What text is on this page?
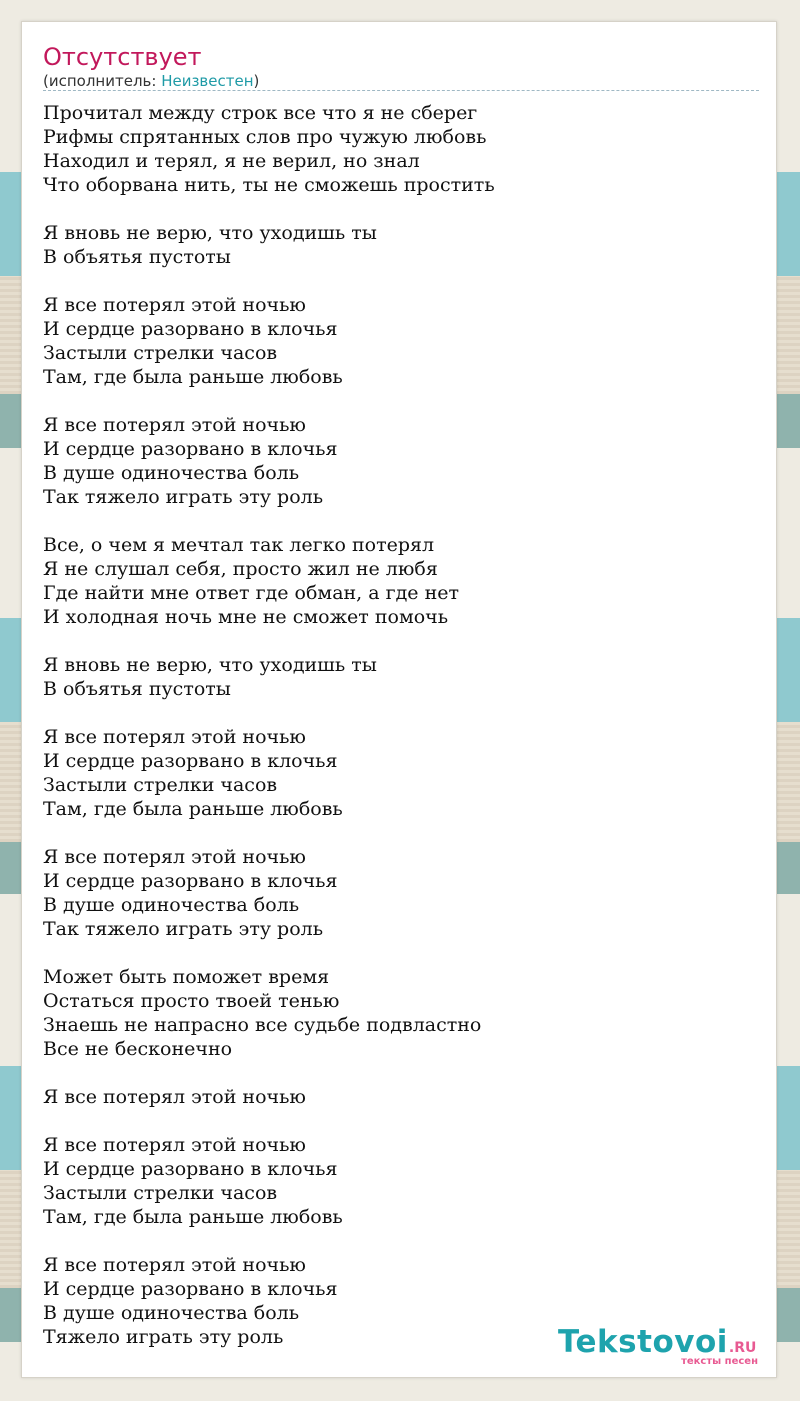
Отсутствует
(исполнитель: Неизвестен)
Прочитал между строк все что я не сберег
Рифмы спрятанных слов про чужую любовь
Находил и терял, я не верил, но знал
Что оборвана нить, ты не сможешь простить
Я вновь не верю, что уходишь ты
В объятья пустоты
Я все потерял этой ночью
И сердце разорвано в клочья
Застыли стрелки часов
Там, где была раньше любовь
Я все потерял этой ночью
И сердце разорвано в клочья
В душе одиночества боль
Так тяжело играть эту роль
Все, о чем я мечтал так легко потерял
Я не слушал себя, просто жил не любя
Где найти мне ответ где обман, а где нет
И холодная ночь мне не сможет помочь
Я вновь не верю, что уходишь ты
В объятья пустоты
Я все потерял этой ночью
И сердце разорвано в клочья
Застыли стрелки часов
Там, где была раньше любовь
Я все потерял этой ночью
И сердце разорвано в клочья
В душе одиночества боль
Так тяжело играть эту роль
Может быть поможет время
Остаться просто твоей тенью
Знаешь не напрасно все судьбе подвластно
Все не бесконечно
Я все потерял этой ночью
Я все потерял этой ночью
И сердце разорвано в клочья
Застыли стрелки часов
Там, где была раньше любовь
Я все потерял этой ночью
И сердце разорвано в клочья
В душе одиночества боль
Тяжело играть эту роль	Tekstovoi.RU
тексты песен
